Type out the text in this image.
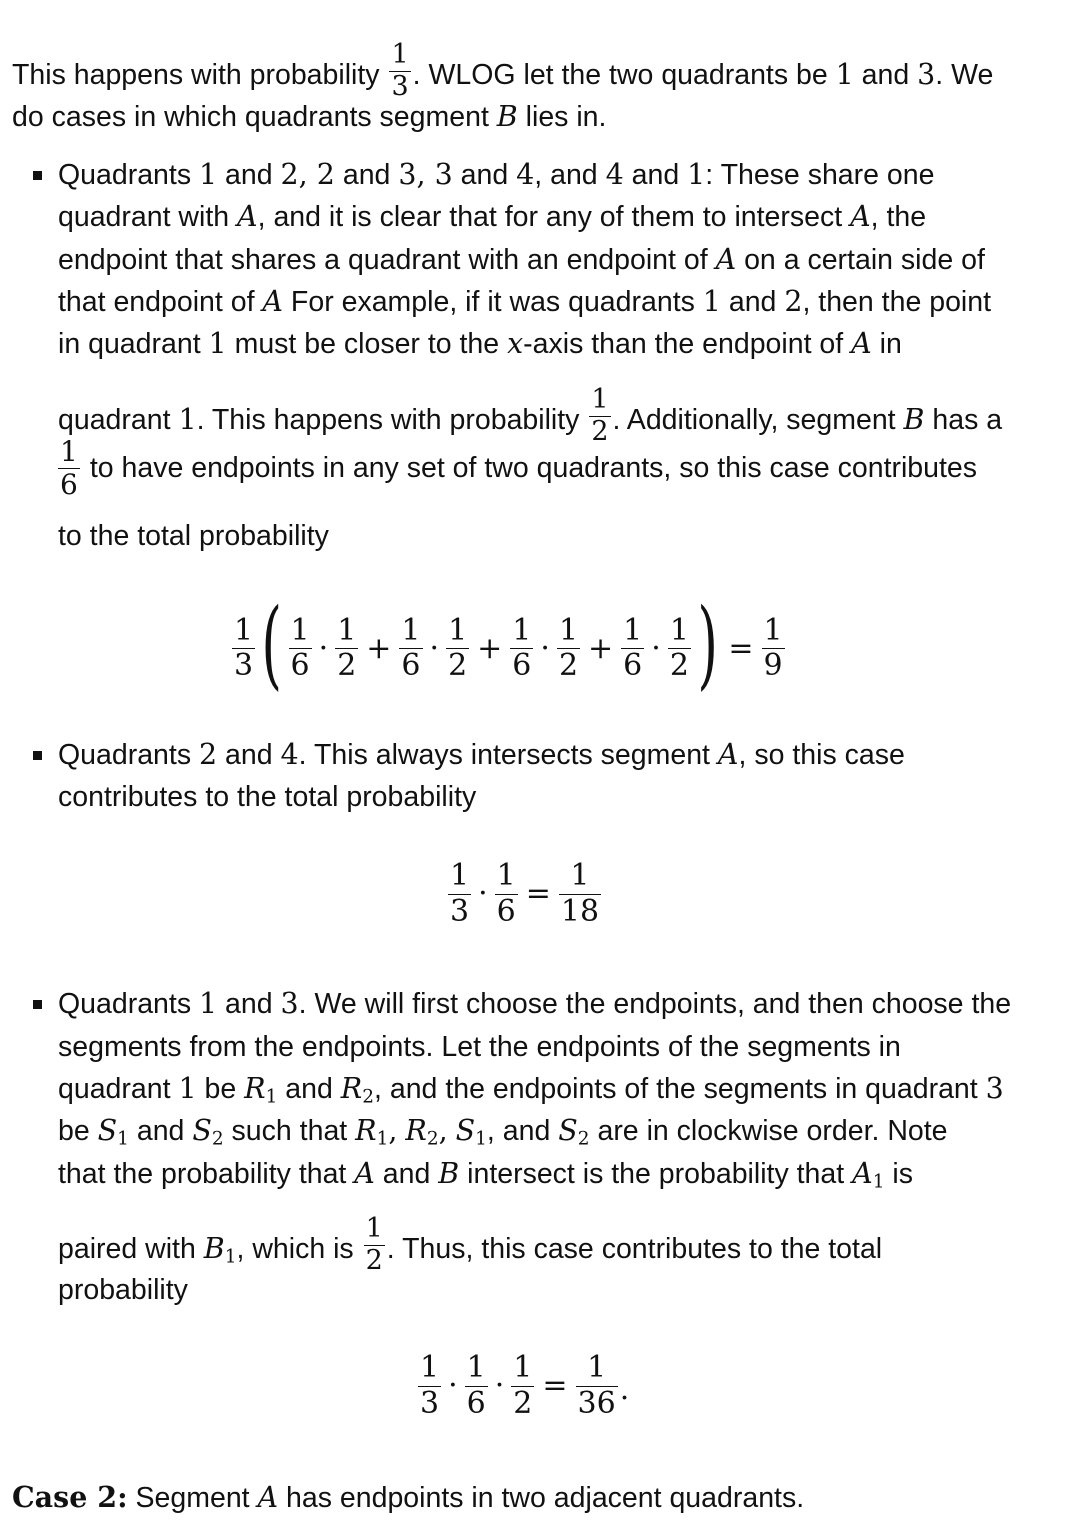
This happens with probability $\frac{1}{3}$ . WLOG let the two quadrants be 1 and 3. We
do cases in which quadrants segment B lies in.
Quadrants 1 and 2, 2 and 3, 3 and 4, and 4 and 1: These share one
quadrant with A, and it is clear that for any of them to intersect A, the
endpoint that shares a quadrant with an endpoint of A on a certain side of
that endpoint of A For example, if it was quadrants 1 and 2, then the point
in quadrant 1 must be closer to the x-axis than the endpoint of A in
quadrant 1. This happens with probability $\frac{1}{2}$ . Additionally, segment B has a
$\frac{1}{6}$ to have endpoints in any set of two quadrants, so this case contributes
to the total probability
$\frac{1}{3}$ ( $\frac{1}{6} \cdot \frac{1}{2} + \frac{1}{6} \cdot \frac{1}{2} + \frac{1}{6} \cdot \frac{1}{2} + \frac{1}{6} \cdot \frac{1}{2}$ ) = $\frac{1}{9}$
Quadrants 2 and 4. This always intersects segment A, so this case
contributes to the total probability
$\frac{1}{3} \cdot \frac{1}{6} = \frac{1}{18}$
Quadrants 1 and 3. We will first choose the endpoints, and then choose the
segments from the endpoints. Let the endpoints of the segments in
quadrant 1 be $R_1$ and $R_2$, and the endpoints of the segments in quadrant 3
be $S_1$ and $S_2$ such that $R_1$, $R_2$, $S_1$, and $S_2$ are in clockwise order. Note
that the probability that A and B intersect is the probability that $A_1$ is
paired with $B_1$, which is $\frac{1}{2}$ . Thus, this case contributes to the total
probability
$\frac{1}{3} \cdot \frac{1}{6} \cdot \frac{1}{2} = \frac{1}{36}$ .
Case 2: Segment A has endpoints in two adjacent quadrants.
